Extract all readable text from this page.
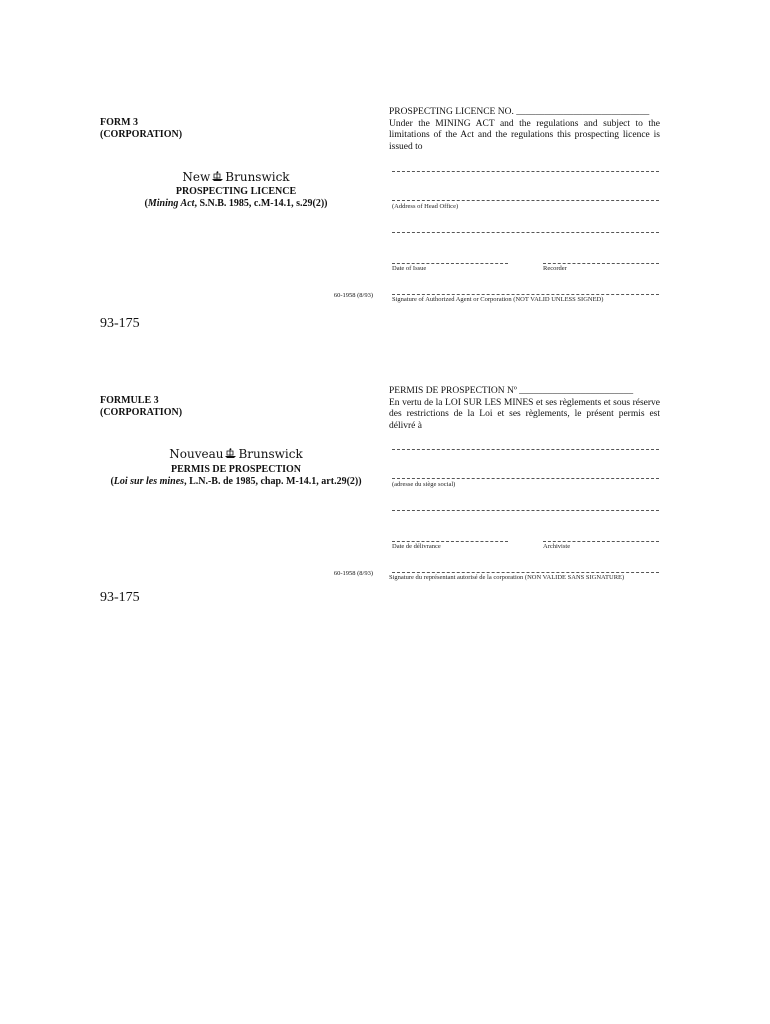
FORM 3
(CORPORATION)
New Brunswick
PROSPECTING LICENCE
(Mining Act, S.N.B. 1985, c.M-14.1, s.29(2))
60-1958 (8/93)
93-175
PROSPECTING LICENCE NO. ____________________________
Under the MINING ACT and the regulations and subject to the limitations of the Act and the regulations this prospecting licence is issued to
(Address of Head Office)
Date of Issue	Recorder
Signature of Authorized Agent or Corporation (NOT VALID UNLESS SIGNED)
FORMULE 3
(CORPORATION)
Nouveau Brunswick
PERMIS DE PROSPECTION
(Loi sur les mines, L.N.-B. de 1985, chap. M-14.1, art.29(2))
60-1958 (8/93)
93-175
PERMIS DE PROSPECTION Nº ________________________
En vertu de la LOI SUR LES MINES et ses règlements et sous réserve des restrictions de la Loi et ses règlements, le présent permis est délivré à
(adresse du siège social)
Date de délivrance	Archiviste
Signature du représentant autorisé de la corporation (NON VALIDE SANS SIGNATURE)
